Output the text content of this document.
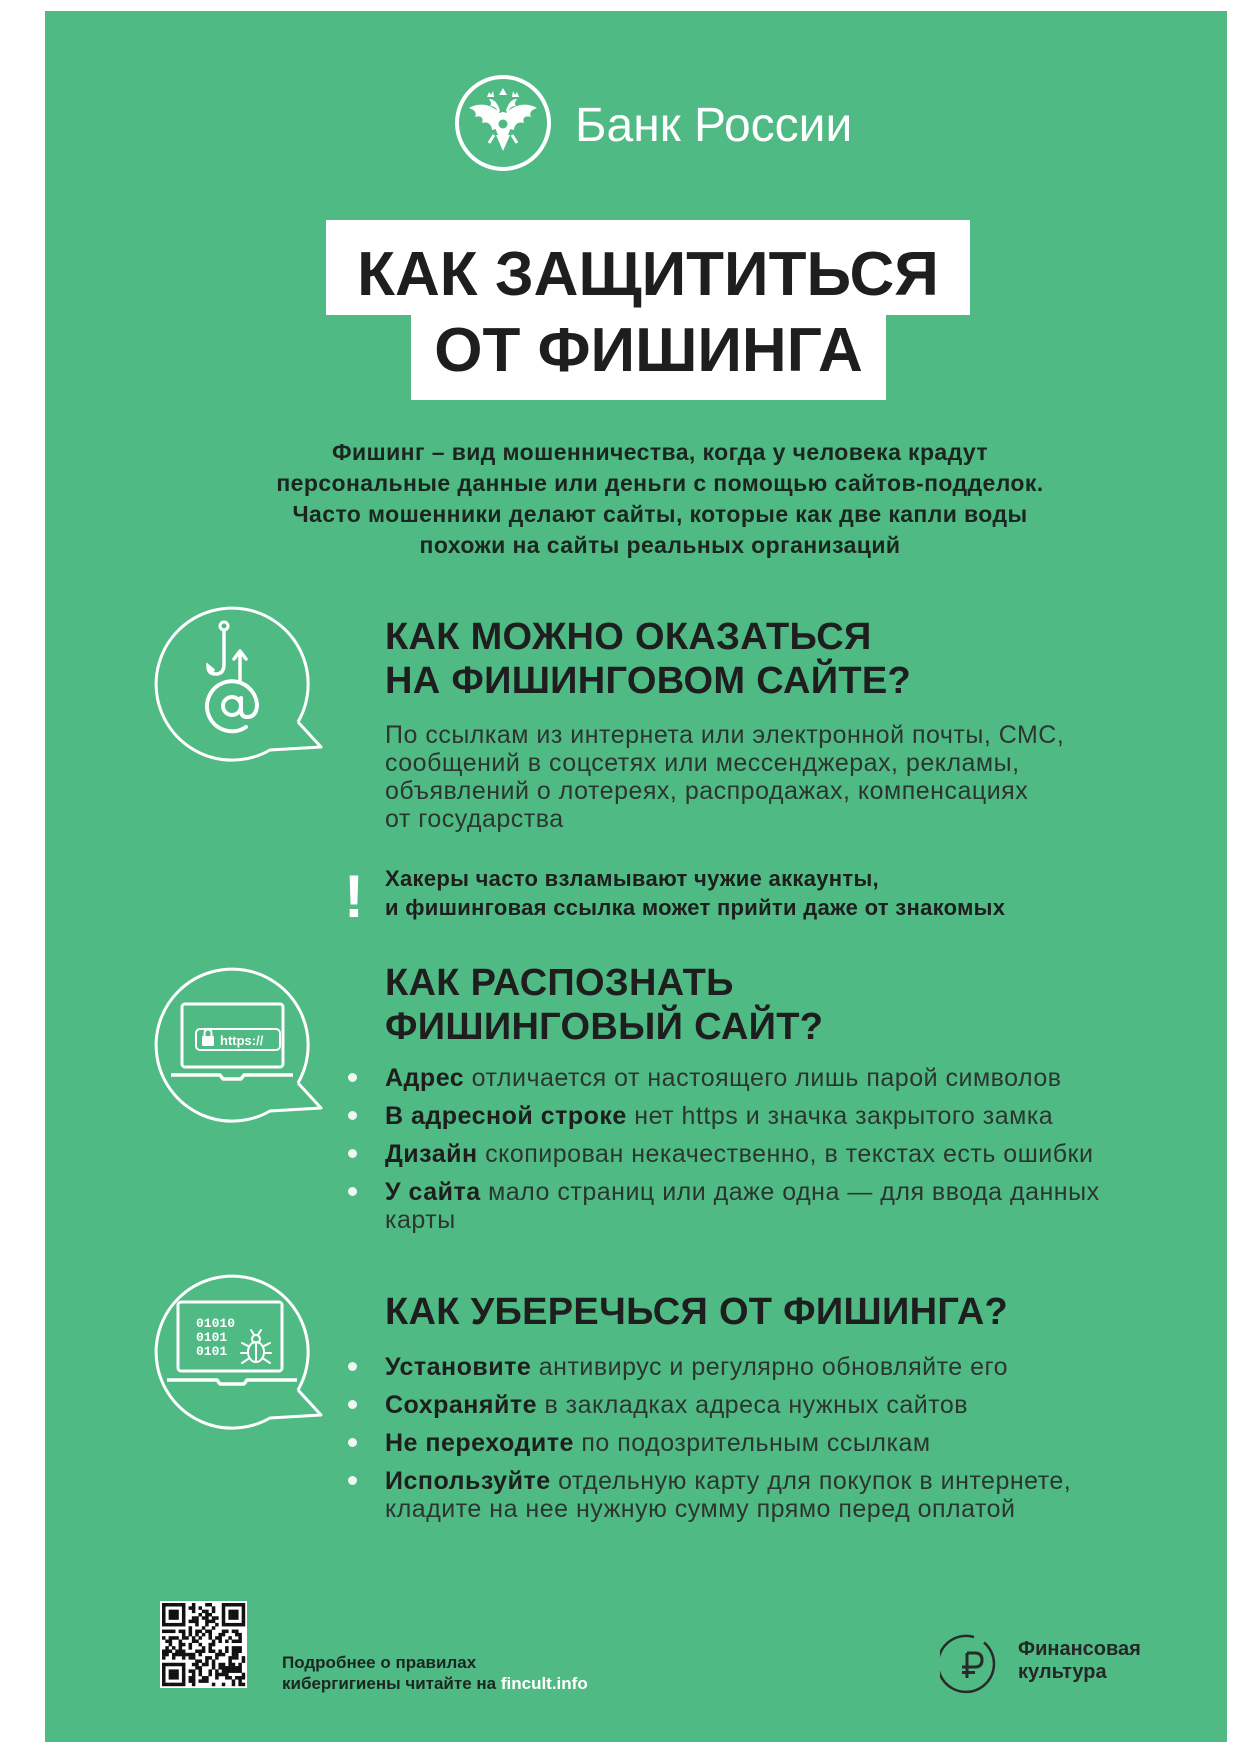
Банк России
КАК ЗАЩИТИТЬСЯ
ОТ ФИШИНГА
Фишинг – вид мошенничества, когда у человека крадут
персональные данные или деньги с помощью сайтов-подделок.
Часто мошенники делают сайты, которые как две капли воды
похожи на сайты реальных организаций
КАК МОЖНО ОКАЗАТЬСЯ
НА ФИШИНГОВОМ САЙТЕ?
По ссылкам из интернета или электронной почты, СМС,
сообщений в соцсетях или мессенджерах, рекламы,
объявлений о лотереях, распродажах, компенсациях
от государства
! Хакеры часто взламывают чужие аккаунты,
и фишинговая ссылка может прийти даже от знакомых
https://
КАК РАСПОЗНАТЬ
ФИШИНГОВЫЙ САЙТ?
Адрес отличается от настоящего лишь парой символов
В адресной строке нет https и значка закрытого замка
Дизайн скопирован некачественно, в текстах есть ошибки
У сайта мало страниц или даже одна — для ввода данных
карты
01010
0101
0101
КАК УБЕРЕЧЬСЯ ОТ ФИШИНГА?
Установите антивирус и регулярно обновляйте его
Сохраняйте в закладках адреса нужных сайтов
Не переходите по подозрительным ссылкам
Используйте отдельную карту для покупок в интернете,
кладите на нее нужную сумму прямо перед оплатой
Подробнее о правилах
кибергигиены читайте на fincult.info
Финансовая
культура
